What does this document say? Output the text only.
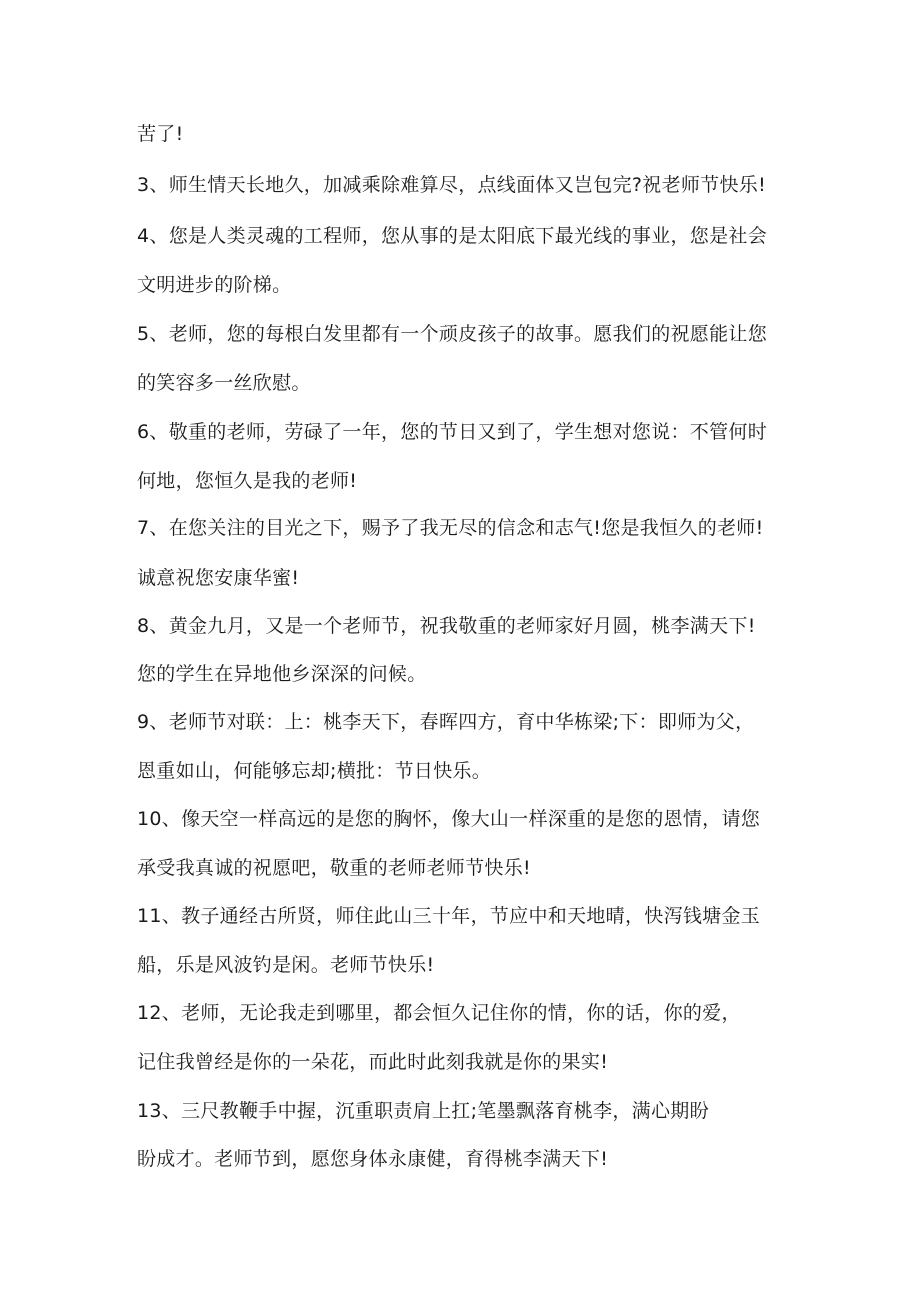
苦了!

3、师生情天长地久，加减乘除难算尽，点线面体又岂包完?祝老师节快乐!

4、您是人类灵魂的工程师，您从事的是太阳底下最光线的事业，您是社会

文明进步的阶梯。

5、老师，您的每根白发里都有一个顽皮孩子的故事。愿我们的祝愿能让您

的笑容多一丝欣慰。

6、敬重的老师，劳碌了一年，您的节日又到了，学生想对您说：不管何时

何地，您恒久是我的老师!

7、在您关注的目光之下，赐予了我无尽的信念和志气!您是我恒久的老师!

诚意祝您安康华蜜!

8、黄金九月，又是一个老师节，祝我敬重的老师家好月圆，桃李满天下!

您的学生在异地他乡深深的问候。

9、老师节对联：上：桃李天下，春晖四方，育中华栋梁;下：即师为父，

恩重如山，何能够忘却;横批：节日快乐。

10、像天空一样高远的是您的胸怀，像大山一样深重的是您的恩情，请您

承受我真诚的祝愿吧，敬重的老师老师节快乐!

11、教子通经古所贤，师住此山三十年，节应中和天地晴，快泻钱塘金玉

船，乐是风波钓是闲。老师节快乐!

12、老师，无论我走到哪里，都会恒久记住你的情，你的话，你的爱，

记住我曾经是你的一朵花，而此时此刻我就是你的果实!

13、三尺教鞭手中握，沉重职责肩上扛;笔墨飘落育桃李，满心期盼

盼成才。老师节到，愿您身体永康健，育得桃李满天下!
